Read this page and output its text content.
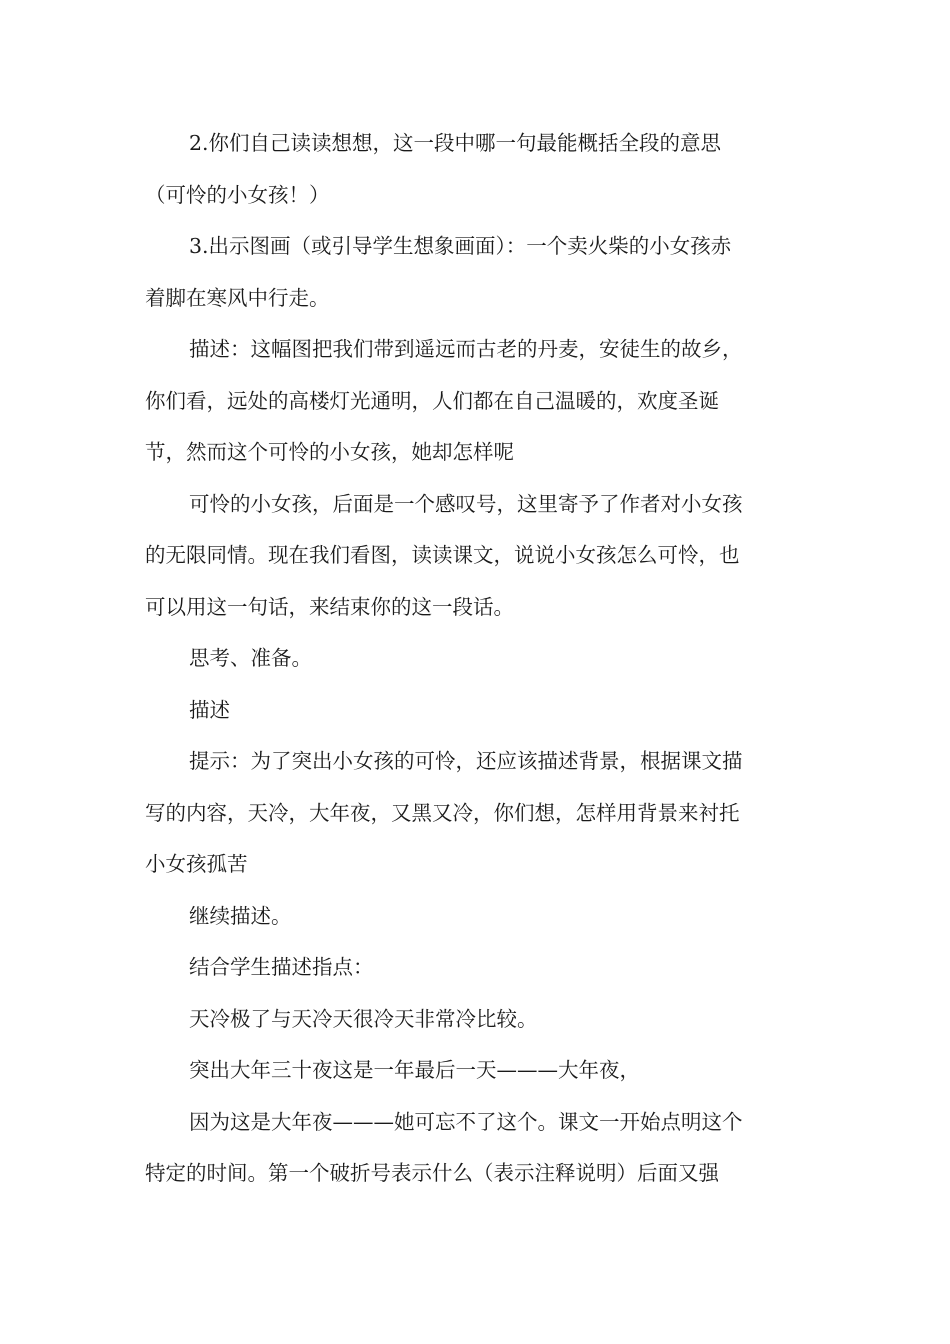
2.你们自己读读想想，这一段中哪一句最能概括全段的意思
（可怜的小女孩！）

3.出示图画（或引导学生想象画面）：一个卖火柴的小女孩赤
着脚在寒风中行走。

描述：这幅图把我们带到遥远而古老的丹麦，安徒生的故乡，
你们看，远处的高楼灯光通明，人们都在自己温暖的，欢度圣诞
节，然而这个可怜的小女孩，她却怎样呢

可怜的小女孩，后面是一个感叹号，这里寄予了作者对小女孩
的无限同情。现在我们看图，读读课文，说说小女孩怎么可怜，也
可以用这一句话，来结束你的这一段话。

思考、准备。

描述

提示：为了突出小女孩的可怜，还应该描述背景，根据课文描
写的内容，天冷，大年夜，又黑又冷，你们想，怎样用背景来衬托
小女孩孤苦

继续描述。

结合学生描述指点：

天冷极了与天冷天很冷天非常冷比较。

突出大年三十夜这是一年最后一天———大年夜，

因为这是大年夜———她可忘不了这个。课文一开始点明这个
特定的时间。第一个破折号表示什么（表示注释说明）后面又强
